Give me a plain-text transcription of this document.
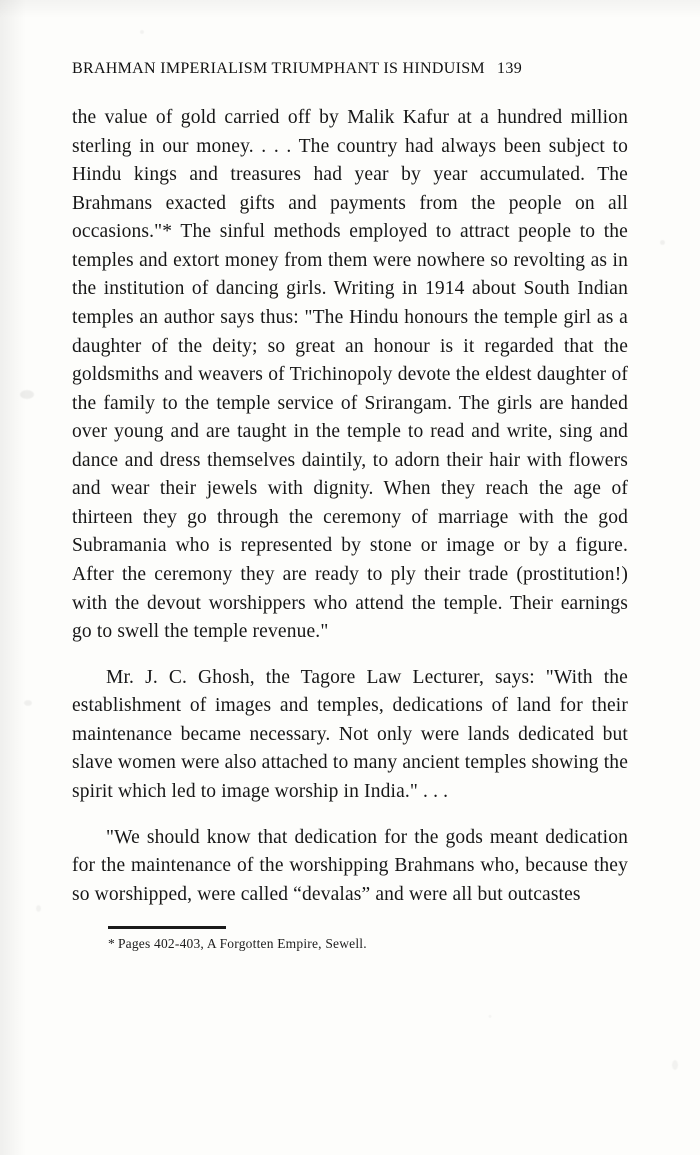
BRAHMAN IMPERIALISM TRIUMPHANT IS HINDUISM 139

the value of gold carried off by Malik Kafur at a hundred million sterling in our money. . . . The country had always been subject to Hindu kings and treasures had year by year accumulated. The Brahmans exacted gifts and payments from the people on all occasions."* The sinful methods employed to attract people to the temples and extort money from them were nowhere so revolting as in the institution of dancing girls. Writing in 1914 about South Indian temples an author says thus: "The Hindu honours the temple girl as a daughter of the deity; so great an honour is it regarded that the goldsmiths and weavers of Trichinopoly devote the eldest daughter of the family to the temple service of Srirangam. The girls are handed over young and are taught in the temple to read and write, sing and dance and dress themselves daintily, to adorn their hair with flowers and wear their jewels with dignity. When they reach the age of thirteen they go through the ceremony of marriage with the god Subramania who is represented by stone or image or by a figure. After the ceremony they are ready to ply their trade (prostitution!) with the devout worshippers who attend the temple. Their earnings go to swell the temple revenue."

Mr. J. C. Ghosh, the Tagore Law Lecturer, says: "With the establishment of images and temples, dedications of land for their maintenance became necessary. Not only were lands dedicated but slave women were also attached to many ancient temples showing the spirit which led to image worship in India." . . .

"We should know that dedication for the gods meant dedication for the maintenance of the worshipping Brahmans who, because they so worshipped, were called “devalas” and were all but outcastes

* Pages 402-403, A Forgotten Empire, Sewell.
